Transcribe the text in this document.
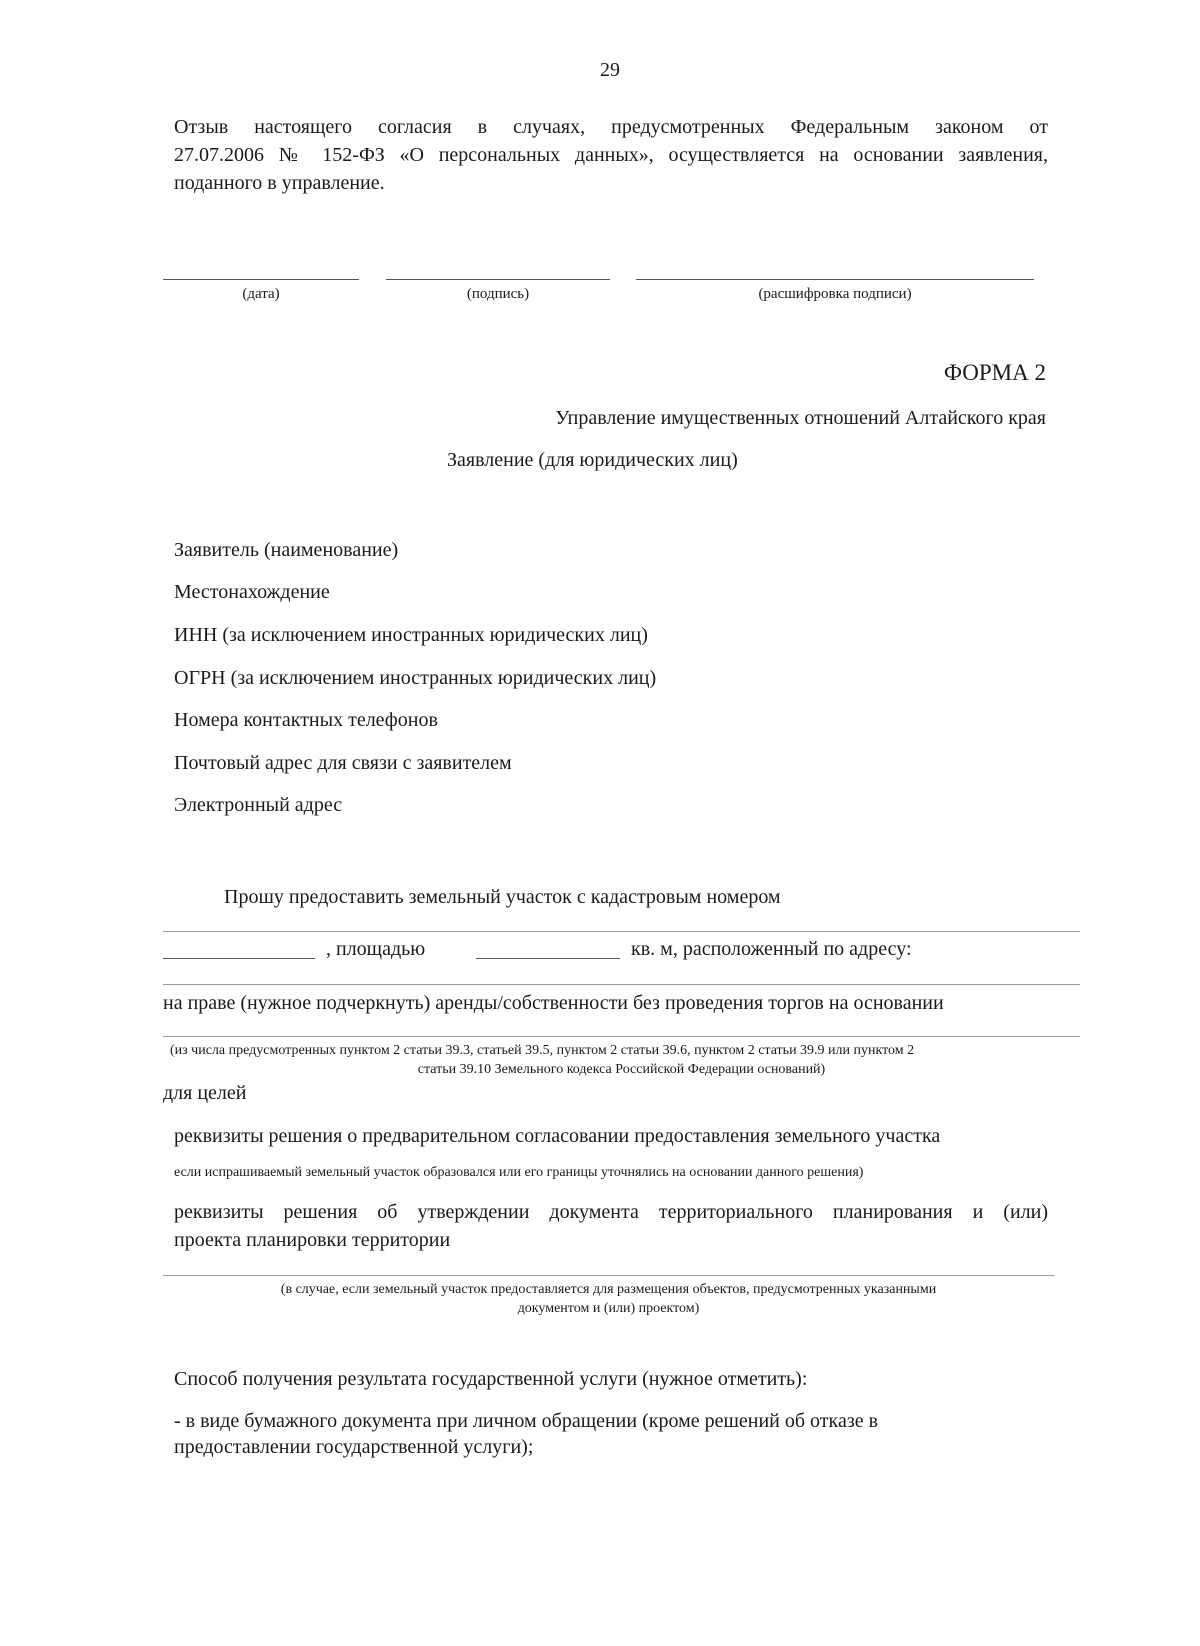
29
Отзыв настоящего согласия в случаях, предусмотренных Федеральным законом от
27.07.2006 № 152-ФЗ «О персональных данных», осуществляется на основании заявления,
поданного в управление.
(дата)	(подпись)	(расшифровка подписи)
ФОРМА 2
Управление имущественных отношений Алтайского края
Заявление (для юридических лиц)
Заявитель (наименование)
Местонахождение
ИНН (за исключением иностранных юридических лиц)
ОГРН (за исключением иностранных юридических лиц)
Номера контактных телефонов
Почтовый адрес для связи с заявителем
Электронный адрес
Прошу предоставить земельный участок с кадастровым номером
, площадью	кв. м, расположенный по адресу:
на праве (нужное подчеркнуть) аренды/собственности без проведения торгов на основании
(из числа предусмотренных пунктом 2 статьи 39.3, статьей 39.5, пунктом 2 статьи 39.6, пунктом 2 статьи 39.9 или пунктом 2
статьи 39.10 Земельного кодекса Российской Федерации оснований)
для целей
реквизиты решения о предварительном согласовании предоставления земельного участка
если испрашиваемый земельный участок образовался или его границы уточнялись на основании данного решения)
реквизиты решения об утверждении документа территориального планирования и (или)
проекта планировки территории
(в случае, если земельный участок предоставляется для размещения объектов, предусмотренных указанными
документом и (или) проектом)
Способ получения результата государственной услуги (нужное отметить):
- в виде бумажного документа при личном обращении (кроме решений об отказе в
предоставлении государственной услуги);
